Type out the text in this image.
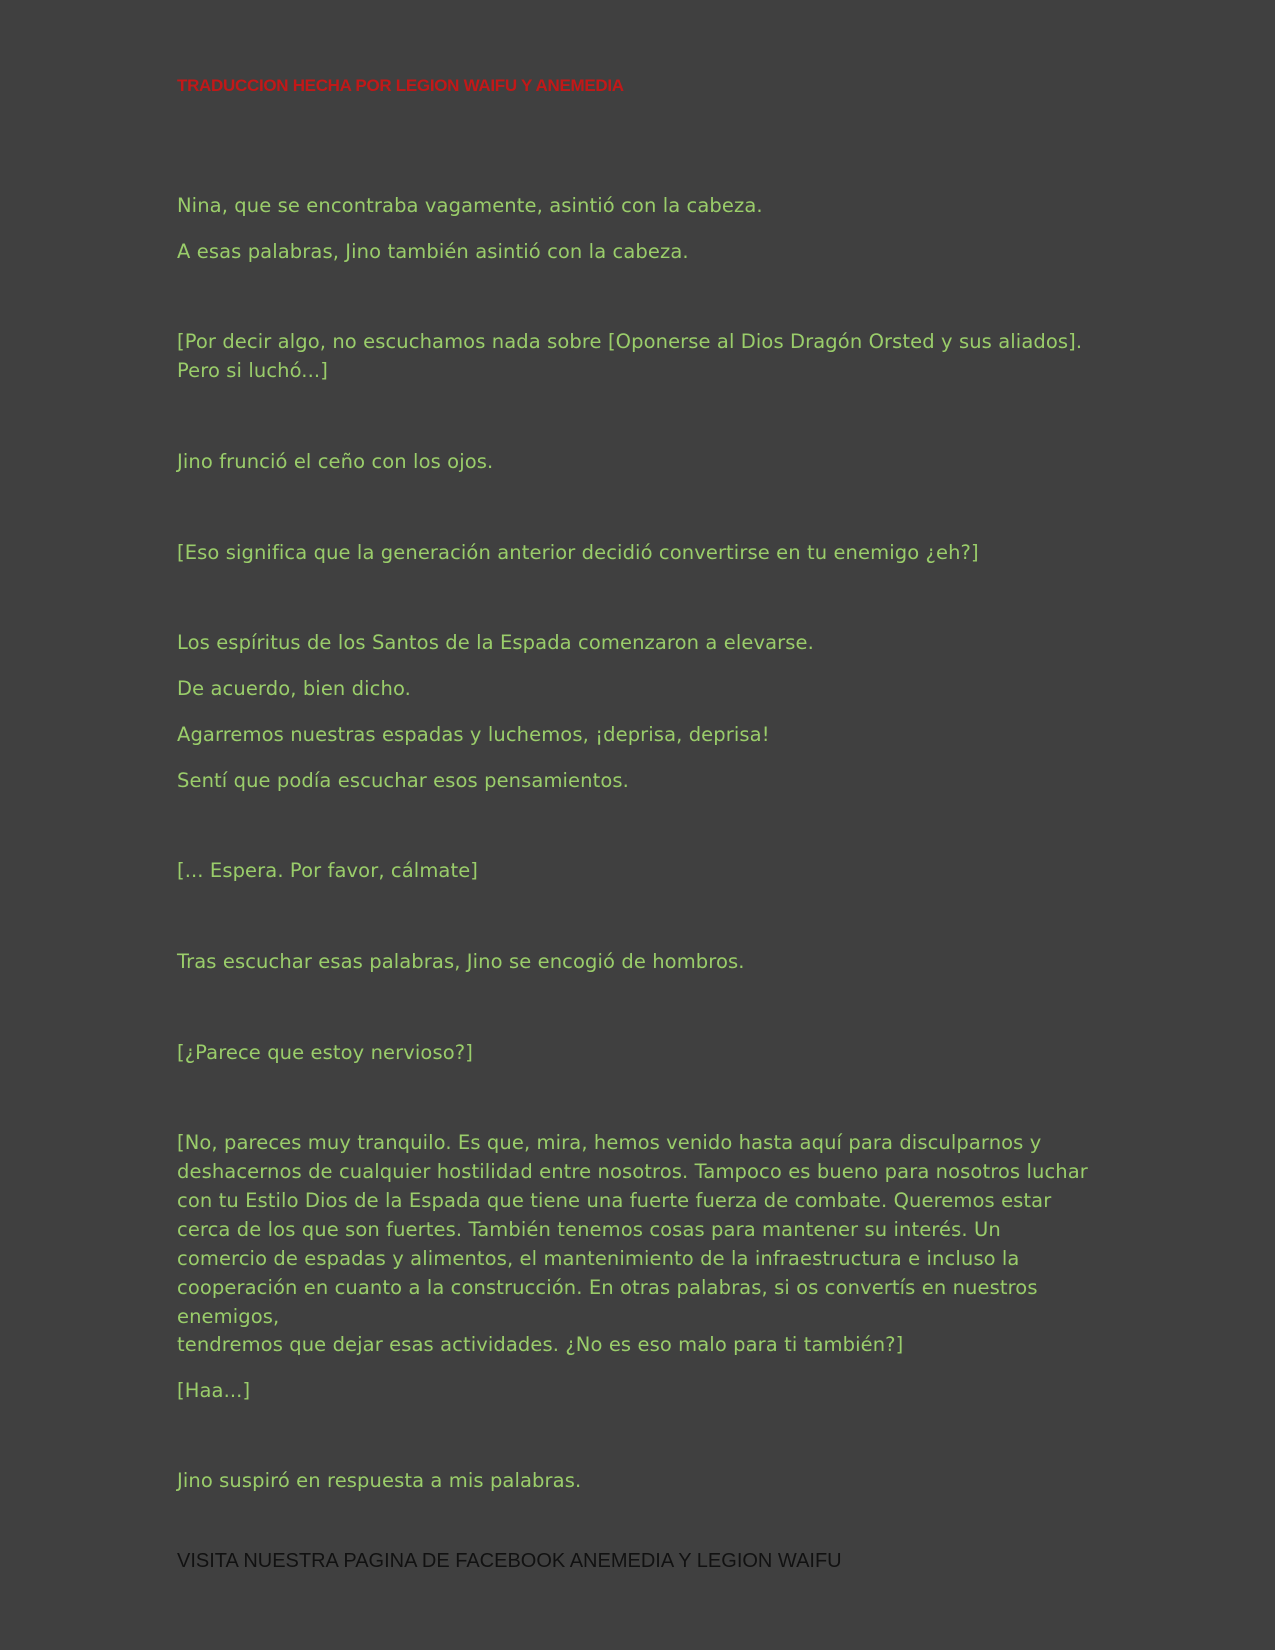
TRADUCCION HECHA POR LEGION WAIFU Y ANEMEDIA

Nina, que se encontraba vagamente, asintió con la cabeza.

A esas palabras, Jino también asintió con la cabeza.

[Por decir algo, no escuchamos nada sobre [Oponerse al Dios Dragón Orsted y sus aliados]. Pero si luchó...]

Jino frunció el ceño con los ojos.

[Eso significa que la generación anterior decidió convertirse en tu enemigo ¿eh?]

Los espíritus de los Santos de la Espada comenzaron a elevarse.

De acuerdo, bien dicho.

Agarremos nuestras espadas y luchemos, ¡deprisa, deprisa!

Sentí que podía escuchar esos pensamientos.

[... Espera. Por favor, cálmate]

Tras escuchar esas palabras, Jino se encogió de hombros.

[¿Parece que estoy nervioso?]

[No, pareces muy tranquilo. Es que, mira, hemos venido hasta aquí para disculparnos y deshacernos de cualquier hostilidad entre nosotros. Tampoco es bueno para nosotros luchar con tu Estilo Dios de la Espada que tiene una fuerte fuerza de combate. Queremos estar cerca de los que son fuertes. También tenemos cosas para mantener su interés. Un comercio de espadas y alimentos, el mantenimiento de la infraestructura e incluso la cooperación en cuanto a la construcción. En otras palabras, si os convertís en nuestros enemigos,

tendremos que dejar esas actividades. ¿No es eso malo para ti también?]

[Haa...]

Jino suspiró en respuesta a mis palabras.

VISITA NUESTRA PAGINA DE FACEBOOK ANEMEDIA Y LEGION WAIFU
